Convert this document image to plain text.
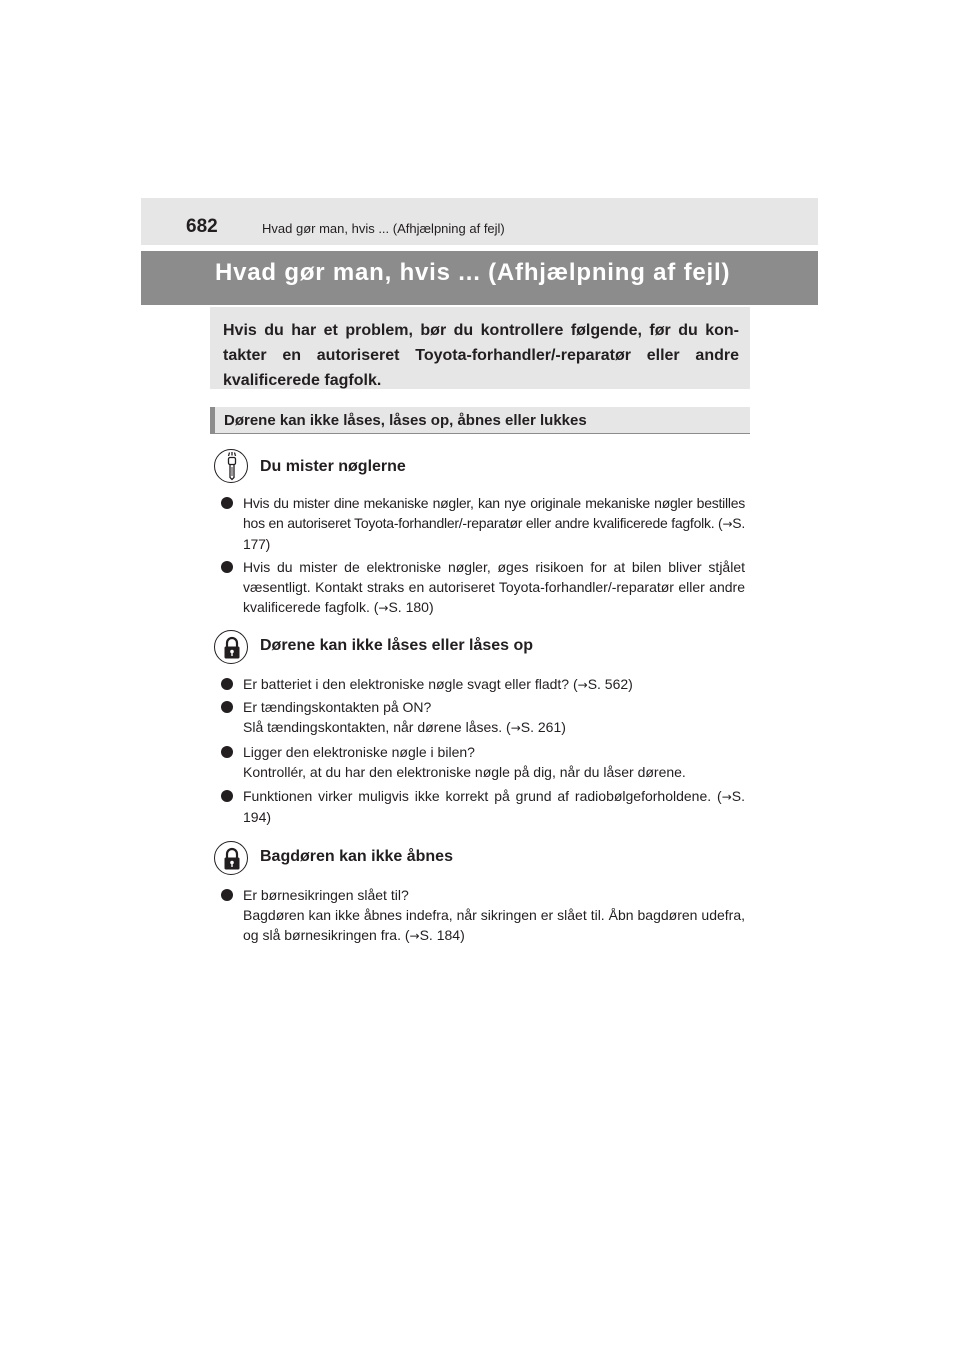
682	Hvad gør man, hvis ... (Afhjælpning af fejl)
Hvad gør man, hvis ... (Afhjælpning af fejl)
Hvis du har et problem, bør du kontrollere følgende, før du kon-takter en autoriseret Toyota-forhandler/-reparatør eller andre kvalificerede fagfolk.
Dørene kan ikke låses, låses op, åbnes eller lukkes
Du mister nøglerne
Hvis du mister dine mekaniske nøgler, kan nye originale mekaniske nøgler bestilles hos en autoriseret Toyota-forhandler/-reparatør eller andre kvalificerede fagfolk. (→S. 177)
Hvis du mister de elektroniske nøgler, øges risikoen for at bilen bliver stjålet væsentligt. Kontakt straks en autoriseret Toyota-forhandler/-reparatør eller andre kvalificerede fagfolk. (→S. 180)
Dørene kan ikke låses eller låses op
Er batteriet i den elektroniske nøgle svagt eller fladt? (→S. 562)
Er tændingskontakten på ON?
Slå tændingskontakten, når dørene låses. (→S. 261)
Ligger den elektroniske nøgle i bilen?
Kontrollér, at du har den elektroniske nøgle på dig, når du låser dørene.
Funktionen virker muligvis ikke korrekt på grund af radiobølgeforholdene. (→S. 194)
Bagdøren kan ikke åbnes
Er børnesikringen slået til?
Bagdøren kan ikke åbnes indefra, når sikringen er slået til. Åbn bagdøren udefra, og slå børnesikringen fra. (→S. 184)
